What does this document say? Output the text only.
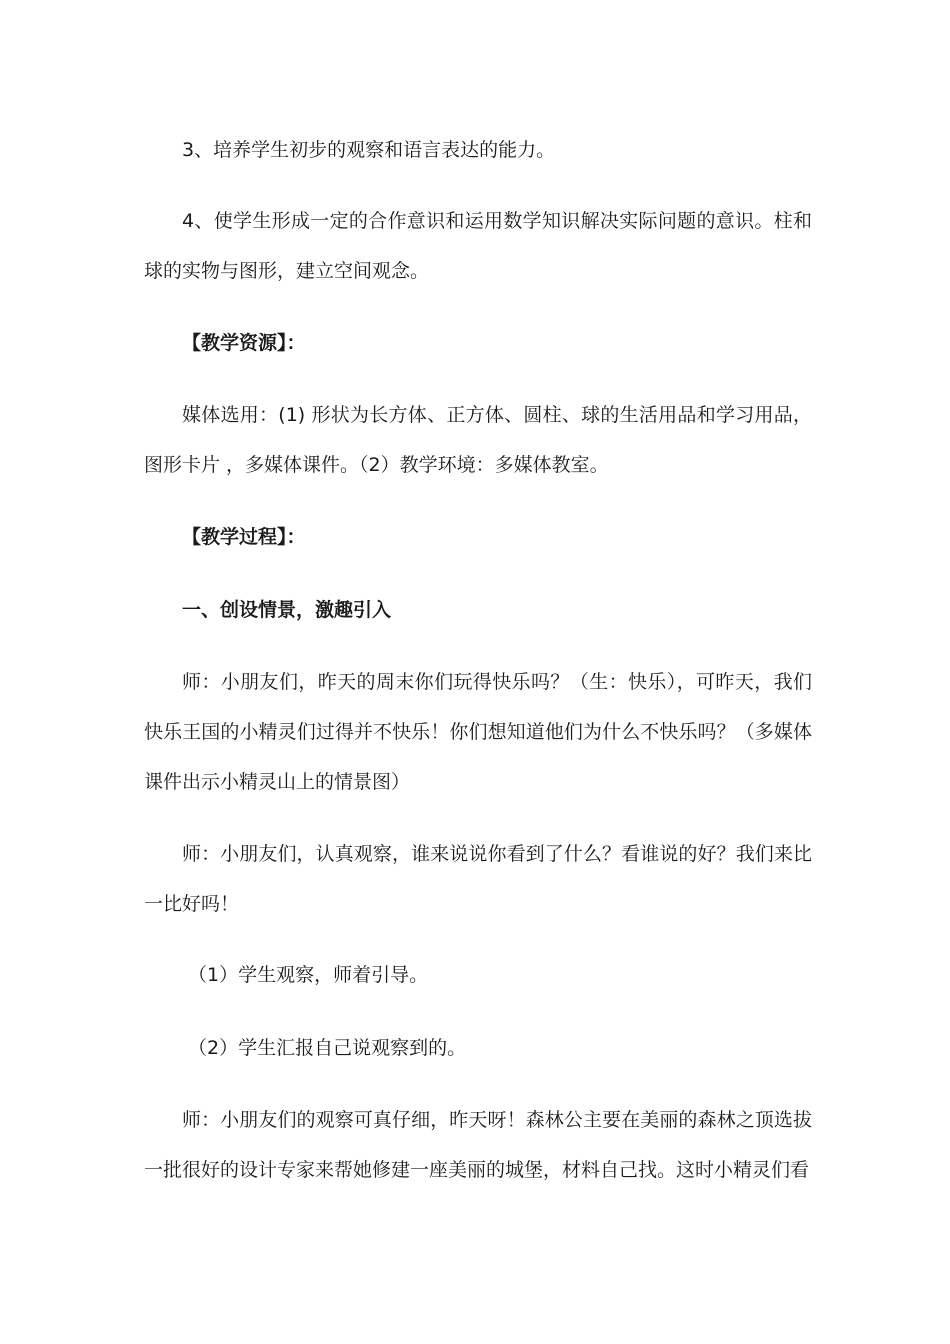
3、培养学生初步的观察和语言表达的能力。

4、使学生形成一定的合作意识和运用数学知识解决实际问题的意识。柱和球的实物与图形，建立空间观念。

【教学资源】：

媒体选用：(1) 形状为长方体、正方体、圆柱、球的生活用品和学习用品，图形卡片 ，多媒体课件。（2）教学环境：多媒体教室。

【教学过程】：

一、创设情景，激趣引入

师：小朋友们，昨天的周末你们玩得快乐吗？（生：快乐），可昨天，我们快乐王国的小精灵们过得并不快乐！你们想知道他们为什么不快乐吗？（多媒体课件出示小精灵山上的情景图）

师：小朋友们，认真观察，谁来说说你看到了什么？看谁说的好？我们来比一比好吗！

（1）学生观察，师着引导。

（2）学生汇报自己说观察到的。

师：小朋友们的观察可真仔细，昨天呀！森林公主要在美丽的森林之顶选拔一批很好的设计专家来帮她修建一座美丽的城堡，材料自己找。这时小精灵们看
